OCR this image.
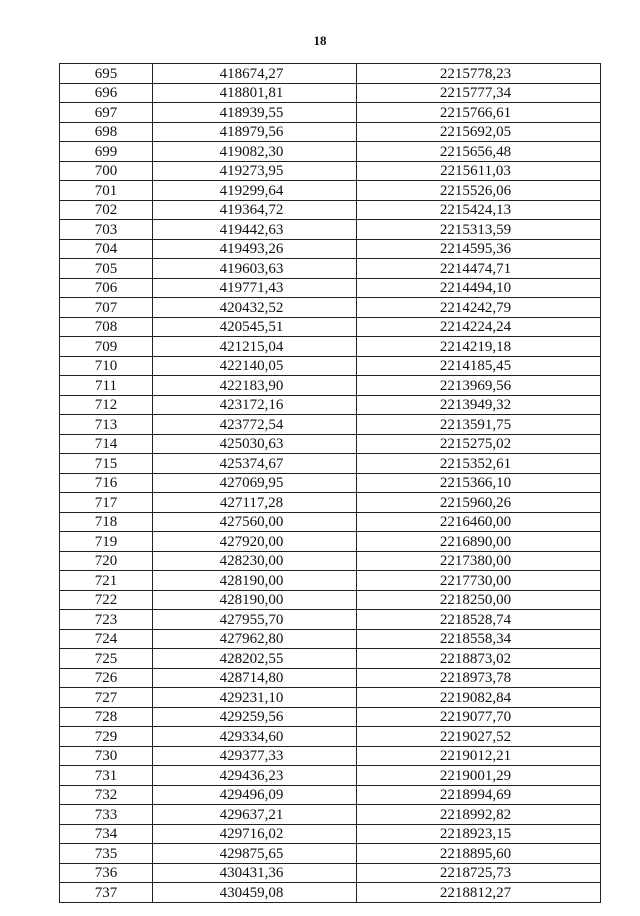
18
695	418674,27	2215778,23
696	418801,81	2215777,34
697	418939,55	2215766,61
698	418979,56	2215692,05
699	419082,30	2215656,48
700	419273,95	2215611,03
701	419299,64	2215526,06
702	419364,72	2215424,13
703	419442,63	2215313,59
704	419493,26	2214595,36
705	419603,63	2214474,71
706	419771,43	2214494,10
707	420432,52	2214242,79
708	420545,51	2214224,24
709	421215,04	2214219,18
710	422140,05	2214185,45
711	422183,90	2213969,56
712	423172,16	2213949,32
713	423772,54	2213591,75
714	425030,63	2215275,02
715	425374,67	2215352,61
716	427069,95	2215366,10
717	427117,28	2215960,26
718	427560,00	2216460,00
719	427920,00	2216890,00
720	428230,00	2217380,00
721	428190,00	2217730,00
722	428190,00	2218250,00
723	427955,70	2218528,74
724	427962,80	2218558,34
725	428202,55	2218873,02
726	428714,80	2218973,78
727	429231,10	2219082,84
728	429259,56	2219077,70
729	429334,60	2219027,52
730	429377,33	2219012,21
731	429436,23	2219001,29
732	429496,09	2218994,69
733	429637,21	2218992,82
734	429716,02	2218923,15
735	429875,65	2218895,60
736	430431,36	2218725,73
737	430459,08	2218812,27
